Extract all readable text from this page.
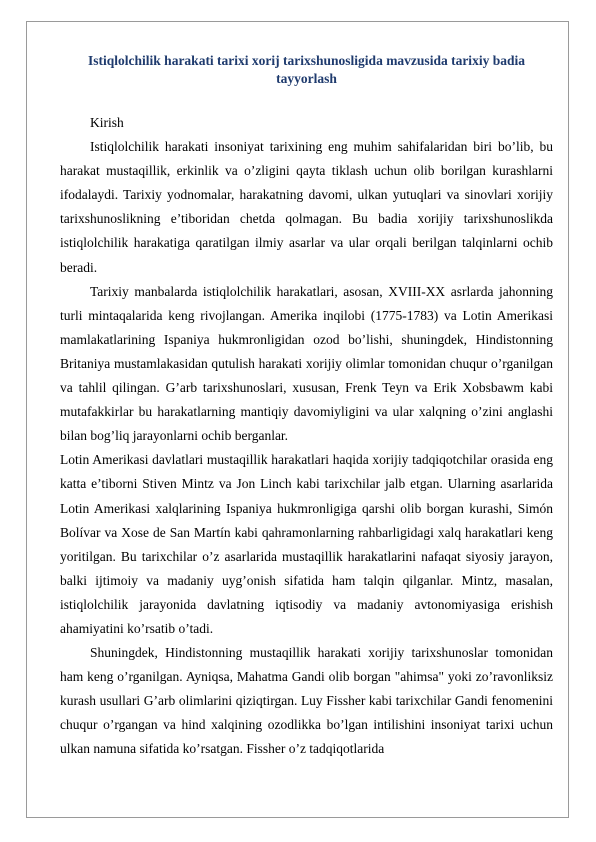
Istiqlolchilik harakati tarixi xorij tarixshunosligida mavzusida tarixiy badia tayyorlash

Kirish

Istiqlolchilik harakati insoniyat tarixining eng muhim sahifalaridan biri bo’lib, bu harakat mustaqillik, erkinlik va o’zligini qayta tiklash uchun olib borilgan kurashlarni ifodalaydi. Tarixiy yodnomalar, harakatning davomi, ulkan yutuqlari va sinovlari xorijiy tarixshunoslikning e’tiboridan chetda qolmagan. Bu badia xorijiy tarixshunoslikda istiqlolchilik harakatiga qaratilgan ilmiy asarlar va ular orqali berilgan talqinlarni ochib beradi.

Tarixiy manbalarda istiqlolchilik harakatlari, asosan, XVIII-XX asrlarda jahonning turli mintaqalarida keng rivojlangan. Amerika inqilobi (1775-1783) va Lotin Amerikasi mamlakatlarining Ispaniya hukmronligidan ozod bo’lishi, shuningdek, Hindistonning Britaniya mustamlakasidan qutulish harakati xorijiy olimlar tomonidan chuqur o’rganilgan va tahlil qilingan. G’arb tarixshunoslari, xususan, Frenk Teyn va Erik Xobsbawm kabi mutafakkirlar bu harakatlarning mantiqiy davomiyligini va ular xalqning o’zini anglashi bilan bog’liq jarayonlarni ochib berganlar.

Lotin Amerikasi davlatlari mustaqillik harakatlari haqida xorijiy tadqiqotchilar orasida eng katta e’tiborni Stiven Mintz va Jon Linch kabi tarixchilar jalb etgan. Ularning asarlarida Lotin Amerikasi xalqlarining Ispaniya hukmronligiga qarshi olib borgan kurashi, Simón Bolívar va Xose de San Martín kabi qahramonlarning rahbarligidagi xalq harakatlari keng yoritilgan. Bu tarixchilar o’z asarlarida mustaqillik harakatlarini nafaqat siyosiy jarayon, balki ijtimoiy va madaniy uyg’onish sifatida ham talqin qilganlar. Mintz, masalan, istiqlolchilik jarayonida davlatning iqtisodiy va madaniy avtonomiyasiga erishish ahamiyatini ko’rsatib o’tadi.

Shuningdek, Hindistonning mustaqillik harakati xorijiy tarixshunoslar tomonidan ham keng o’rganilgan. Ayniqsa, Mahatma Gandi olib borgan "ahimsa" yoki zo’ravonliksiz kurash usullari G’arb olimlarini qiziqtirgan. Luy Fissher kabi tarixchilar Gandi fenomenini chuqur o’rgangan va hind xalqining ozodlikka bo’lgan intilishini insoniyat tarixi uchun ulkan namuna sifatida ko’rsatgan. Fissher o’z tadqiqotlarida
